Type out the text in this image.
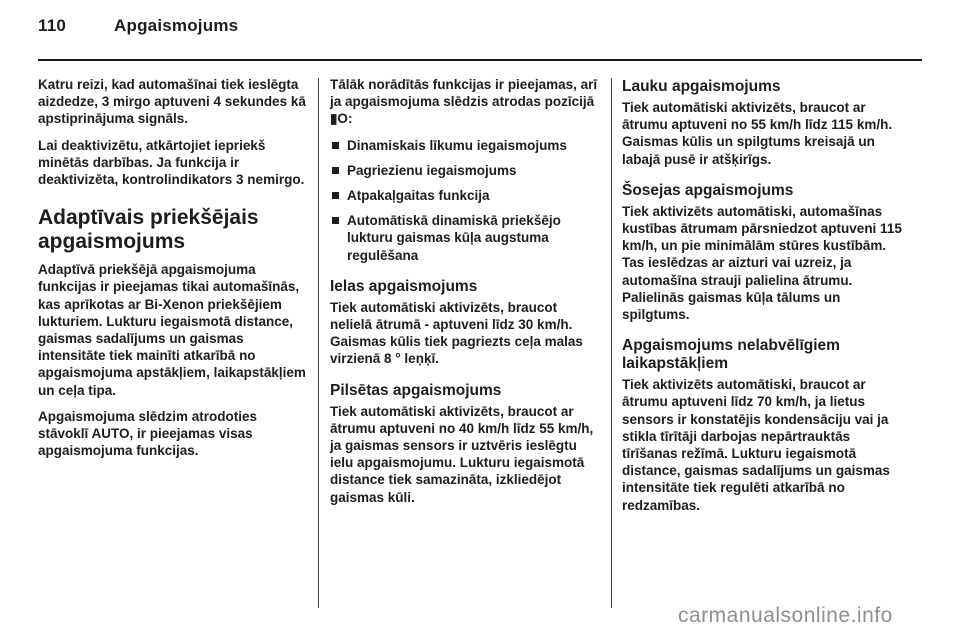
110	Apgaismojums

Katru reizi, kad automašīnai tiek ieslēgta aizdedze, 3 mirgo aptuveni 4 sekundes kā apstiprinājuma signāls.

Lai deaktivizētu, atkārtojiet iepriekš minētās darbības. Ja funkcija ir deaktivizēta, kontrolindikators 3 nemirgo.

Adaptīvais priekšējais apgaismojums

Adaptīvā priekšējā apgaismojuma funkcijas ir pieejamas tikai automašīnās, kas aprīkotas ar Bi-Xenon priekšējiem lukturiem. Lukturu iegaismotā distance, gaismas sadalījums un gaismas intensitāte tiek mainīti atkarībā no apgaismojuma apstākļiem, laikapstākļiem un ceļa tipa.

Apgaismojuma slēdzim atrodoties stāvoklī AUTO, ir pieejamas visas apgaismojuma funkcijas.

Tālāk norādītās funkcijas ir pieejamas, arī ja apgaismojuma slēdzis atrodas pozīcijā ▮O:

Dinamiskais līkumu iegaismojums
Pagriezienu iegaismojums
Atpakaļgaitas funkcija
Automātiskā dinamiskā priekšējo lukturu gaismas kūļa augstuma regulēšana
Ielas apgaismojums

Tiek automātiski aktivizēts, braucot nelielā ātrumā - aptuveni līdz 30 km/h. Gaismas kūlis tiek pagriezts ceļa malas virzienā 8 ° leņķī.

Pilsētas apgaismojums

Tiek automātiski aktivizēts, braucot ar ātrumu aptuveni no 40 km/h līdz 55 km/h, ja gaismas sensors ir uztvēris ieslēgtu ielu apgaismojumu. Lukturu iegaismotā distance tiek samazināta, izkliedējot gaismas kūli.

Lauku apgaismojums

Tiek automātiski aktivizēts, braucot ar ātrumu aptuveni no 55 km/h līdz 115 km/h. Gaismas kūlis un spilgtums kreisajā un labajā pusē ir atšķirīgs.

Šosejas apgaismojums

Tiek aktivizēts automātiski, automašīnas kustības ātrumam pārsniedzot aptuveni 115 km/h, un pie minimālām stūres kustībām. Tas ieslēdzas ar aizturi vai uzreiz, ja automašīna strauji palielina ātrumu. Palielinās gaismas kūļa tālums un spilgtums.

Apgaismojums nelabvēlīgiem laikapstākļiem

Tiek aktivizēts automātiski, braucot ar ātrumu aptuveni līdz 70 km/h, ja lietus sensors ir konstatējis kondensāciju vai ja stikla tīrītāji darbojas nepārtrauktās tīrīšanas režīmā. Lukturu iegaismotā distance, gaismas sadalījums un gaismas intensitāte tiek regulēti atkarībā no redzamības.

carmanualsonline.info
